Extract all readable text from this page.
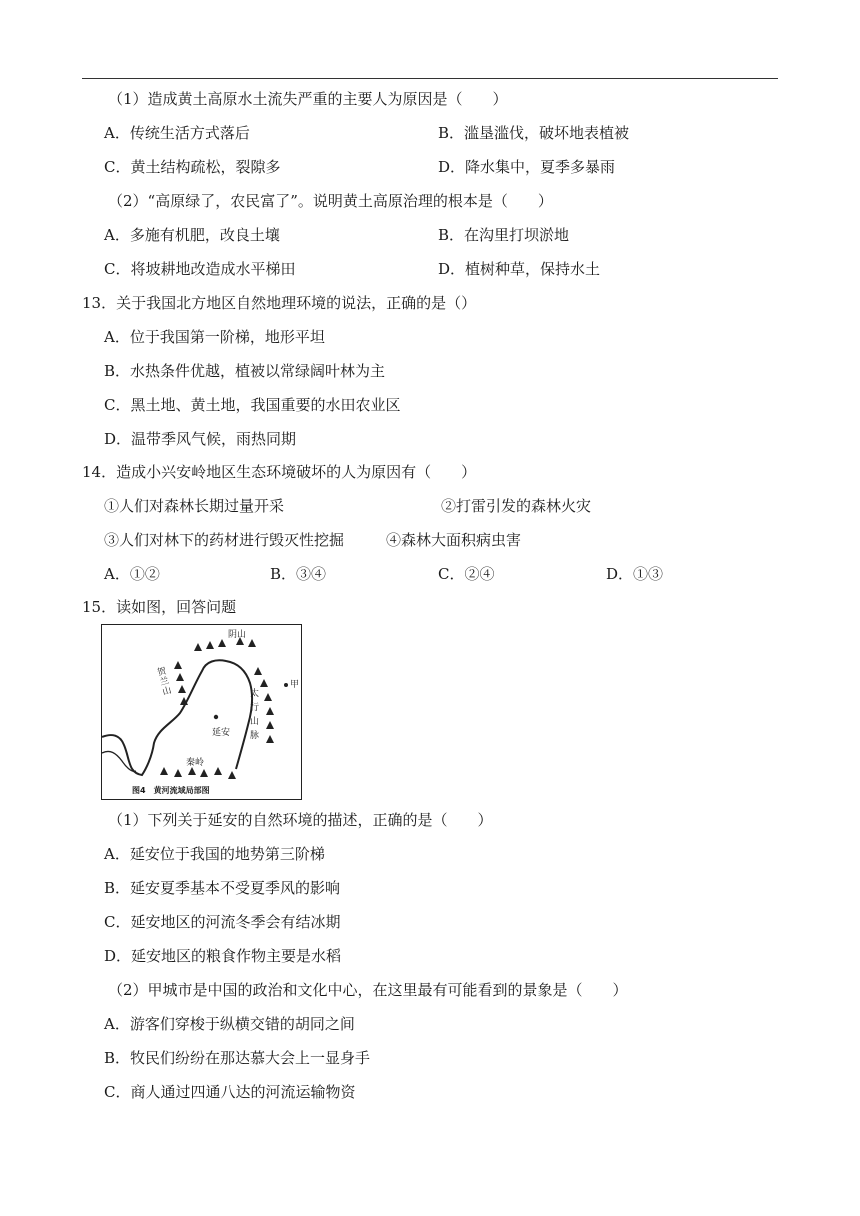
（1）造成黄土高原水土流失严重的主要人为原因是（　　）
A．传统生活方式落后	B．滥垦滥伐，破坏地表植被
C．黄土结构疏松，裂隙多	D．降水集中，夏季多暴雨
（2）“高原绿了，农民富了”。说明黄土高原治理的根本是（　　）
A．多施有机肥，改良土壤	B．在沟里打坝淤地
C．将坡耕地改造成水平梯田	D．植树种草，保持水土
13．关于我国北方地区自然地理环境的说法，正确的是（）
A．位于我国第一阶梯，地形平坦
B．水热条件优越，植被以常绿阔叶林为主
C．黑土地、黄土地，我国重要的水田农业区
D．温带季风气候，雨热同期
14．造成小兴安岭地区生态环境破坏的人为原因有（　　）
①人们对森林长期过量开采	②打雷引发的森林火灾
③人们对林下的药材进行毁灭性挖掘	④森林大面积病虫害
A．①②	B．③④	C．②④	D．①③
15．读如图，回答问题
阴山
贺兰山	太行山脉
甲
延安
秦岭
图4　黄河流域局部图
（1）下列关于延安的自然环境的描述，正确的是（　　）
A．延安位于我国的地势第三阶梯
B．延安夏季基本不受夏季风的影响
C．延安地区的河流冬季会有结冰期
D．延安地区的粮食作物主要是水稻
（2）甲城市是中国的政治和文化中心，在这里最有可能看到的景象是（　　）
A．游客们穿梭于纵横交错的胡同之间
B．牧民们纷纷在那达慕大会上一显身手
C．商人通过四通八达的河流运输物资
